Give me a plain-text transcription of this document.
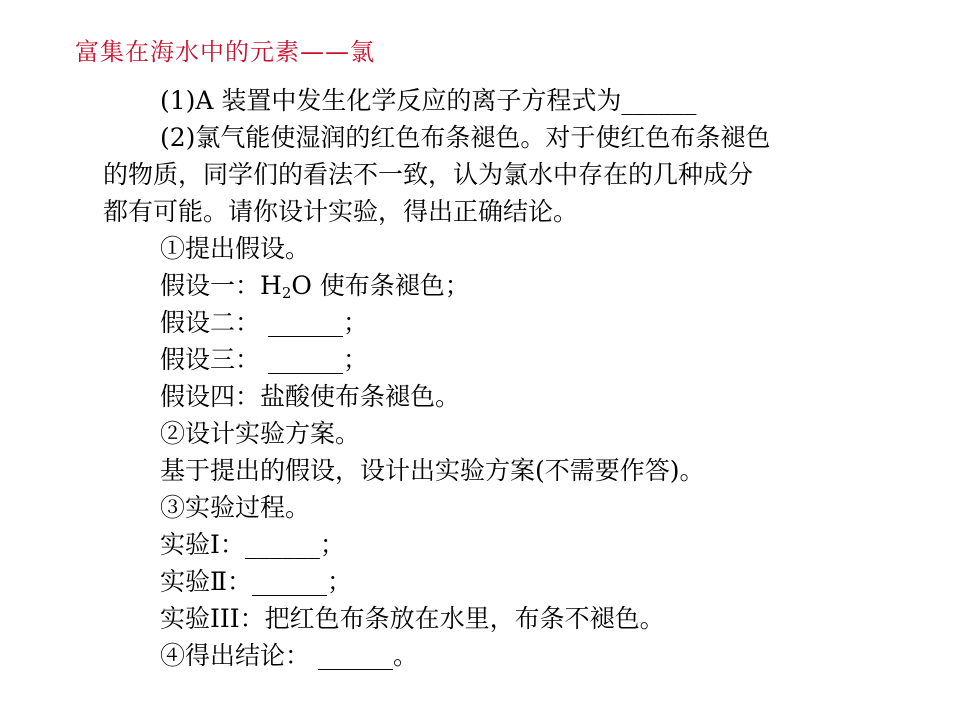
富集在海水中的元素——氯
(1)A 装置中发生化学反应的离子方程式为______
(2)氯气能使湿润的红色布条褪色。对于使红色布条褪色
的物质，同学们的看法不一致，认为氯水中存在的几种成分
都有可能。请你设计实验，得出正确结论。
①提出假设。
假设一：$H_2O$ 使布条褪色；
假设二： ______；
假设三： ______；
假设四：盐酸使布条褪色。
②设计实验方案。
基于提出的假设，设计出实验方案(不需要作答)。
③实验过程。
实验Ⅰ：______；
实验Ⅱ：______；
实验III：把红色布条放在水里，布条不褪色。
④得出结论： ______。
